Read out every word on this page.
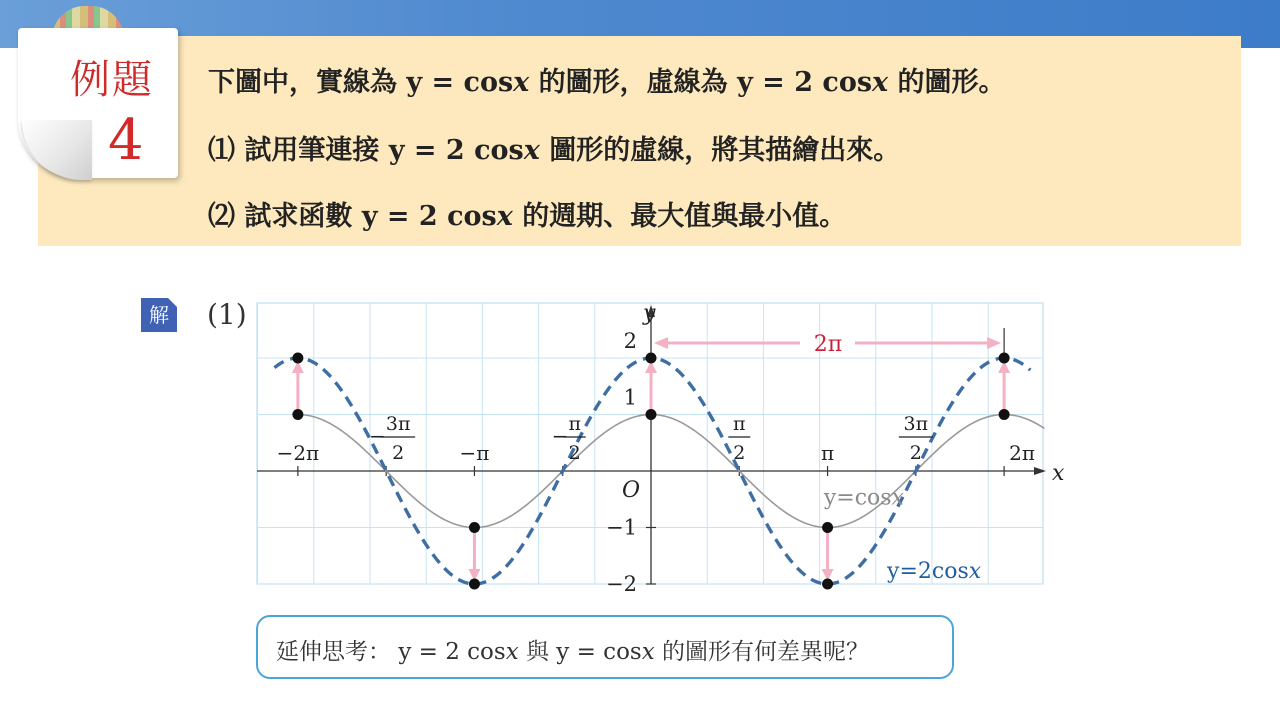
例題
4
下圖中，實線為 y = cosx 的圖形，虛線為 y = 2 cosx 的圖形。
⑴ 試用筆連接 y = 2 cosx 圖形的虛線，將其描繪出來。
⑵ 試求函數 y = 2 cosx 的週期、最大值與最小值。
解 (1)
x
y
O
−2π
− 3π
2	−π
− π
2
π
2	π
3π
2	2π
2
1
−1
−2
2π
y=cosx
y=2cosx
延伸思考： y = 2 cosx 與 y = cosx 的圖形有何差異呢？
